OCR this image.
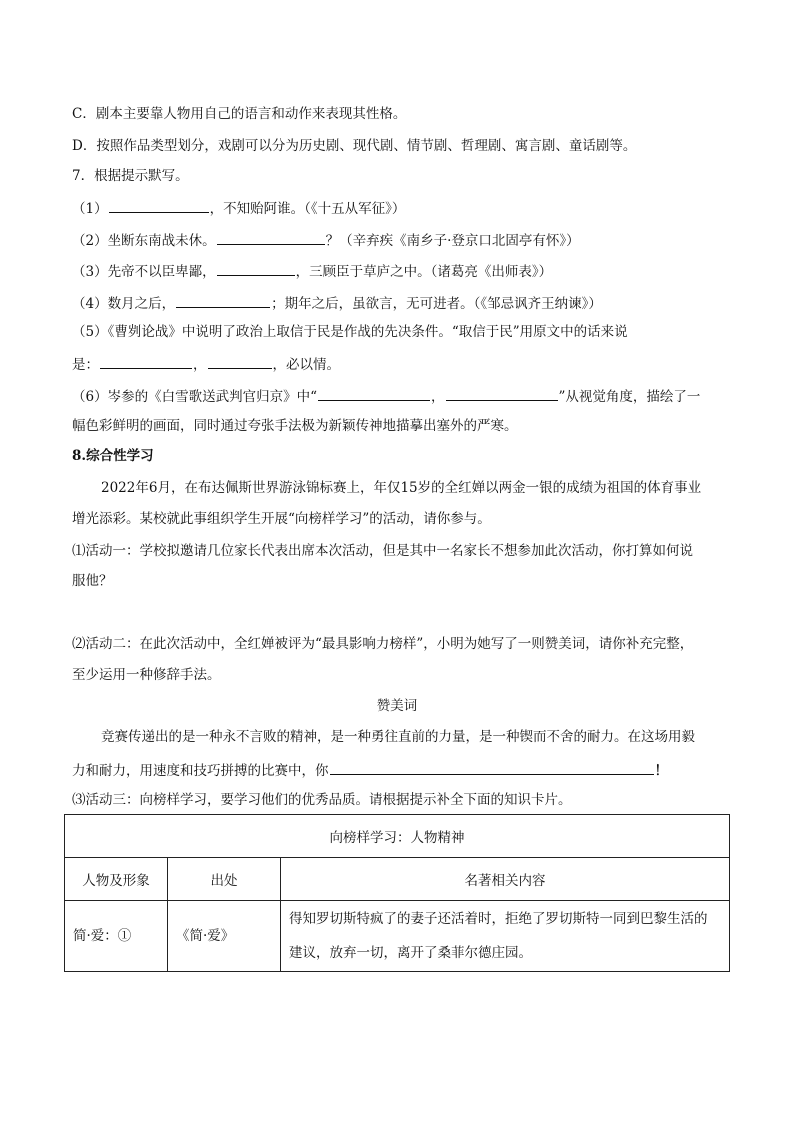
C．剧本主要靠人物用自己的语言和动作来表现其性格。
D．按照作品类型划分，戏剧可以分为历史剧、现代剧、情节剧、哲理剧、寓言剧、童话剧等。
7．根据提示默写。
（1）	，不知贻阿谁。（《十五从军征》）
（2）坐断东南战未休。	？（辛弃疾《南乡子·登京口北固亭有怀》）
（3）先帝不以臣卑鄙，	，三顾臣于草庐之中。（诸葛亮《出师表》）
（4）数月之后，	；期年之后，虽欲言，无可进者。（《邹忌讽齐王纳谏》）
（5）《曹刿论战》中说明了政治上取信于民是作战的先决条件。“取信于民”用原文中的话来说
是：	，	，必以情。
（6）岑参的《白雪歌送武判官归京》中“	，	”从视觉角度，描绘了一
幅色彩鲜明的画面，同时通过夸张手法极为新颖传神地描摹出塞外的严寒。
8.综合性学习
2022年6月，在布达佩斯世界游泳锦标赛上，年仅15岁的全红婵以两金一银的成绩为祖国的体育事业
增光添彩。某校就此事组织学生开展“向榜样学习”的活动，请你参与。
⑴活动一：学校拟邀请几位家长代表出席本次活动，但是其中一名家长不想参加此次活动，你打算如何说
服他？
⑵活动二：在此次活动中，全红婵被评为“最具影响力榜样”，小明为她写了一则赞美词，请你补充完整，
至少运用一种修辞手法。
赞美词
竞赛传递出的是一种永不言败的精神，是一种勇往直前的力量，是一种锲而不舍的耐力。在这场用毅
力和耐力，用速度和技巧拼搏的比赛中，你	！
⑶活动三：向榜样学习，要学习他们的优秀品质。请根据提示补全下面的知识卡片。
向榜样学习：人物精神		
人物及形象	出处	名著相关内容
简·爱：①	《简·爱》	得知罗切斯特疯了的妻子还活着时，拒绝了罗切斯特一同到巴黎生活的
建议，放弃一切，离开了桑菲尔德庄园。
